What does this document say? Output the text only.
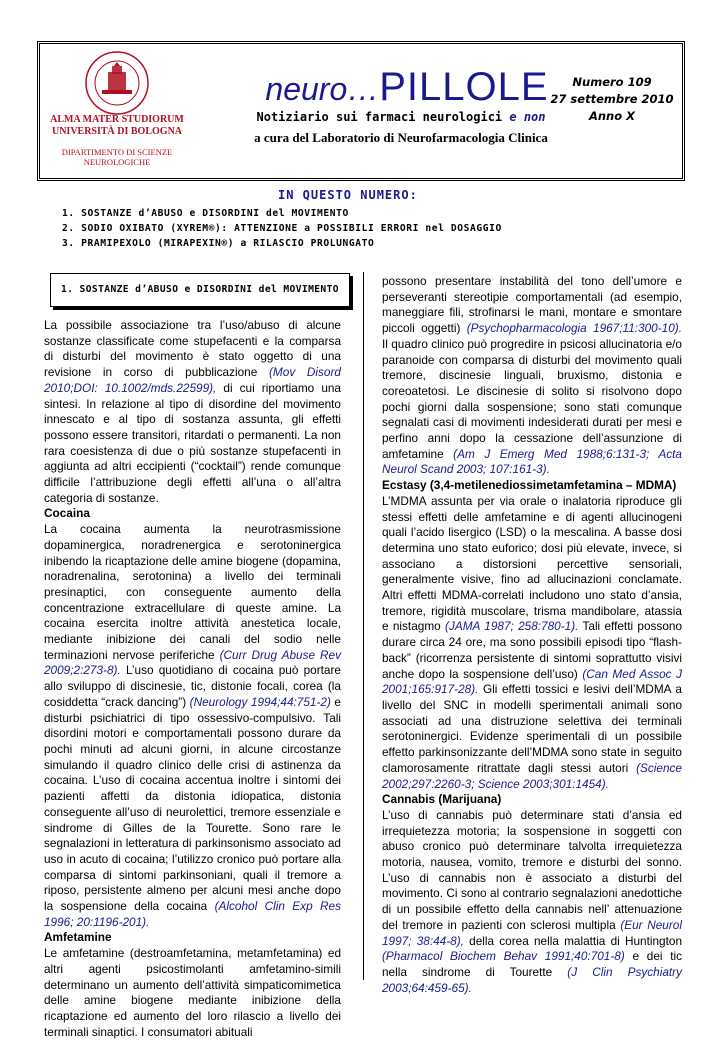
ALMA MATER STUDIORUM
UNIVERSITÀ DI BOLOGNA
DIPARTIMENTO DI SCIENZE
NEUROLOGICHE
neuro…PILLOLE
Notiziario sui farmaci neurologici e non
a cura del Laboratorio di Neurofarmacologia Clinica
Numero 109
27 settembre 2010
Anno X
IN QUESTO NUMERO:
1. SOSTANZE d’ABUSO e DISORDINI del MOVIMENTO
2. SODIO OXIBATO (XYREM®): ATTENZIONE a POSSIBILI ERRORI nel DOSAGGIO
3. PRAMIPEXOLO (MIRAPEXIN®) a RILASCIO PROLUNGATO
1. SOSTANZE d’ABUSO e DISORDINI del MOVIMENTO

La possibile associazione tra l’uso/abuso di alcune sostanze classificate come stupefacenti e la comparsa di disturbi del movimento è stato oggetto di una revisione in corso di pubblicazione (Mov Disord 2010;DOI: 10.1002/mds.22599), di cui riportiamo una sintesi. In relazione al tipo di disordine del movimento innescato e al tipo di sostanza assunta, gli effetti possono essere transitori, ritardati o permanenti. La non rara coesistenza di due o più sostanze stupefacenti in aggiunta ad altri eccipienti (“cocktail”) rende comunque difficile l’attribuzione degli effetti all’una o all’altra categoria di sostanze.

Cocaina

La cocaina aumenta la neurotrasmissione dopaminergica, noradrenergica e serotoninergica inibendo la ricaptazione delle amine biogene (dopamina, noradrenalina, serotonina) a livello dei terminali presinaptici, con conseguente aumento della concentrazione extracellulare di queste amine. La cocaina esercita inoltre attività anestetica locale, mediante inibizione dei canali del sodio nelle terminazioni nervose periferiche (Curr Drug Abuse Rev 2009;2:273-8). L’uso quotidiano di cocaina può portare allo sviluppo di discinesie, tic, distonie focali, corea (la cosiddetta “crack dancing”) (Neurology 1994;44:751-2) e disturbi psichiatrici di tipo ossessivo-compulsivo. Tali disordini motori e comportamentali possono durare da pochi minuti ad alcuni giorni, in alcune circostanze simulando il quadro clinico delle crisi di astinenza da cocaina. L’uso di cocaina accentua inoltre i sintomi dei pazienti affetti da distonia idiopatica, distonia conseguente all’uso di neurolettici, tremore essenziale e sindrome di Gilles de la Tourette. Sono rare le segnalazioni in letteratura di parkinsonismo associato ad uso in acuto di cocaina; l’utilizzo cronico può portare alla comparsa di sintomi parkinsoniani, quali il tremore a riposo, persistente almeno per alcuni mesi anche dopo la sospensione della cocaina (Alcohol Clin Exp Res 1996; 20:1196-201).

Amfetamine

Le amfetamine (destroamfetamina, metamfetamina) ed altri agenti psicostimolanti amfetamino-simili determinano un aumento dell’attività simpaticomimetica delle amine biogene mediante inibizione della ricaptazione ed aumento del loro rilascio a livello dei terminali sinaptici. I consumatori abituali

possono presentare instabilità del tono dell’umore e perseveranti stereotipie comportamentali (ad esempio, maneggiare fili, strofinarsi le mani, montare e smontare piccoli oggetti) (Psychopharmacologia 1967;11:300-10). Il quadro clinico può progredire in psicosi allucinatoria e/o paranoide con comparsa di disturbi del movimento quali tremore, discinesie linguali, bruxismo, distonia e coreoatetosi. Le discinesie di solito si risolvono dopo pochi giorni dalla sospensione; sono stati comunque segnalati casi di movimenti indesiderati durati per mesi e perfino anni dopo la cessazione dell’assunzione di amfetamine (Am J Emerg Med 1988;6:131-3; Acta Neurol Scand 2003; 107:161-3).

Ecstasy (3,4-metilenediossimetamfetamina – MDMA)

L’MDMA assunta per via orale o inalatoria riproduce gli stessi effetti delle amfetamine e di agenti allucinogeni quali l’acido lisergico (LSD) o la mescalina. A basse dosi determina uno stato euforico; dosi più elevate, invece, si associano a distorsioni percettive sensoriali, generalmente visive, fino ad allucinazioni conclamate. Altri effetti MDMA-correlati includono uno stato d’ansia, tremore, rigidità muscolare, trisma mandibolare, atassia e nistagmo (JAMA 1987; 258:780-1). Tali effetti possono durare circa 24 ore, ma sono possibili episodi tipo “flash-back” (ricorrenza persistente di sintomi soprattutto visivi anche dopo la sospensione dell’uso) (Can Med Assoc J 2001;165:917-28). Gli effetti tossici e lesivi dell’MDMA a livello del SNC in modelli sperimentali animali sono associati ad una distruzione selettiva dei terminali serotoninergici. Evidenze sperimentali di un possibile effetto parkinsonizzante dell’MDMA sono state in seguito clamorosamente ritrattate dagli stessi autori (Science 2002;297:2260-3; Science 2003;301:1454).

Cannabis (Marijuana)

L’uso di cannabis può determinare stati d’ansia ed irrequietezza motoria; la sospensione in soggetti con abuso cronico può determinare talvolta irrequietezza motoria, nausea, vomito, tremore e disturbi del sonno. L’uso di cannabis non è associato a disturbi del movimento. Ci sono al contrario segnalazioni anedottiche di un possibile effetto della cannabis nell’ attenuazione del tremore in pazienti con sclerosi multipla (Eur Neurol 1997; 38:44-8), della corea nella malattia di Huntington (Pharmacol Biochem Behav 1991;40:701-8) e dei tic nella sindrome di Tourette (J Clin Psychiatry 2003;64:459-65).
